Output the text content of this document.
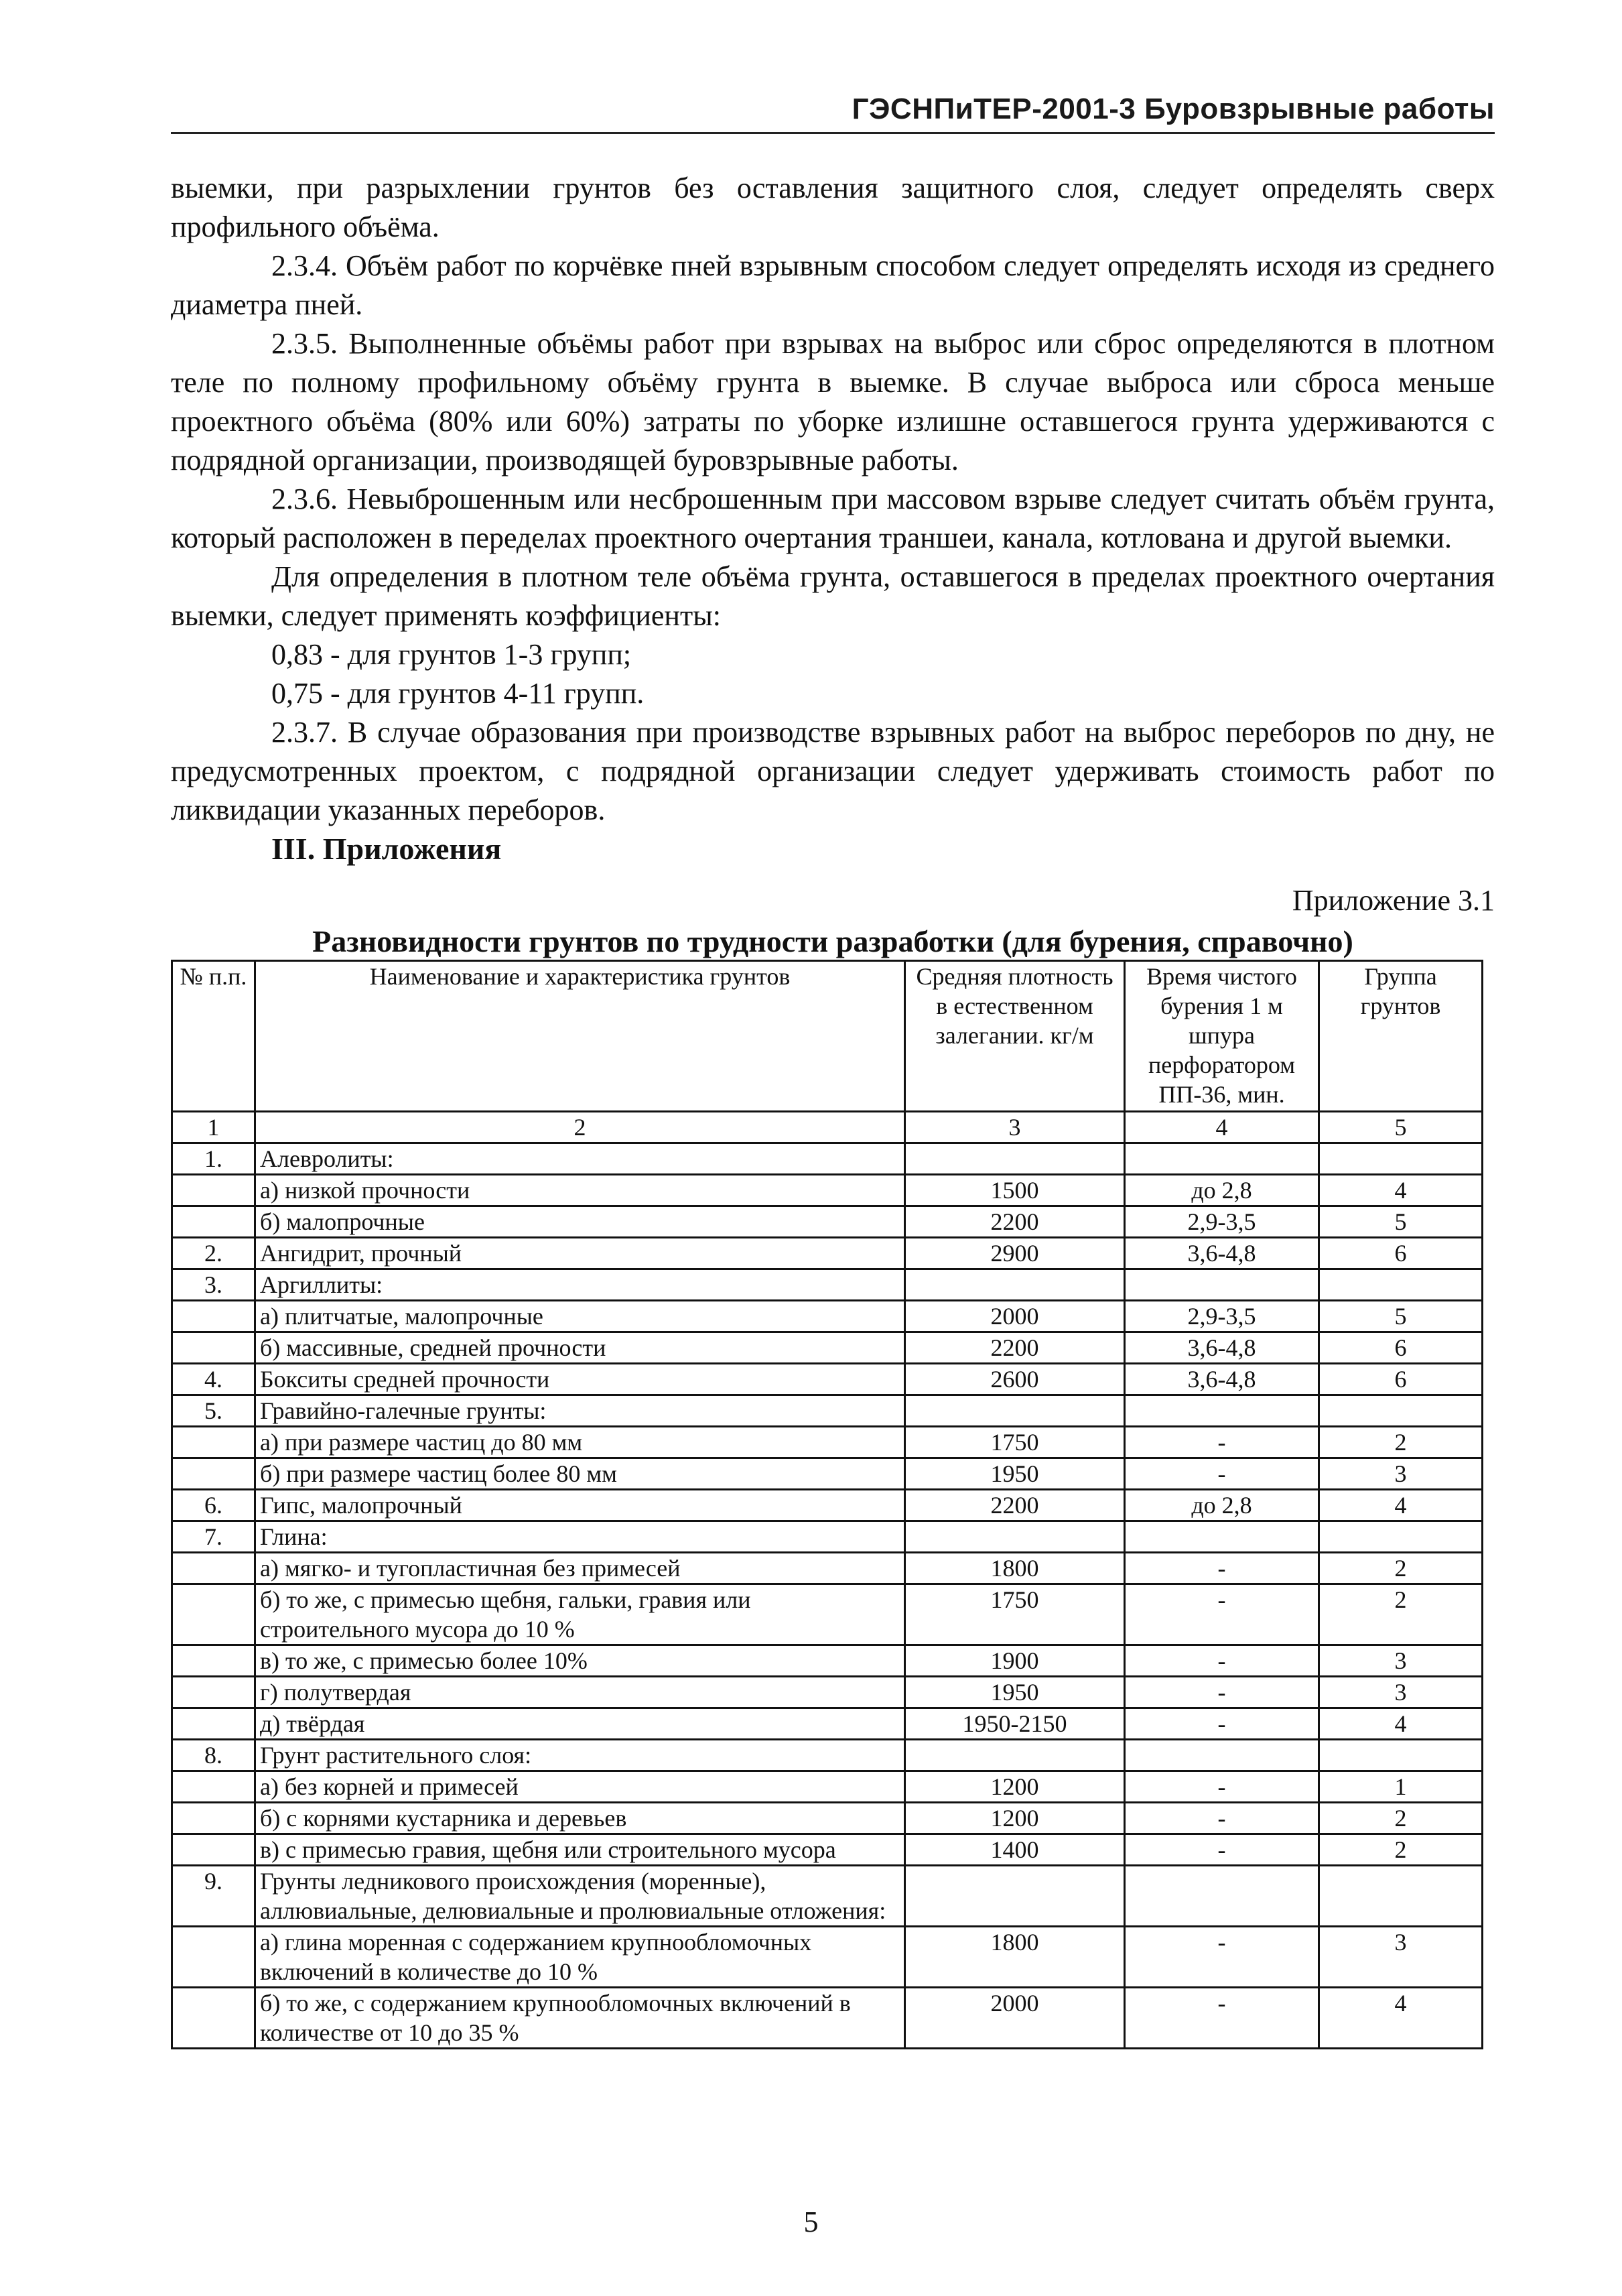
ГЭСНПиТЕР-2001-3 Буровзрывные работы

выемки, при разрыхлении грунтов без оставления защитного слоя, следует определять сверх профильного объёма.

2.3.4. Объём работ по корчёвке пней взрывным способом следует определять исходя из среднего диаметра пней.

2.3.5. Выполненные объёмы работ при взрывах на выброс или сброс определяются в плотном теле по полному профильному объёму грунта в выемке. В случае выброса или сброса меньше проектного объёма (80% или 60%) затраты по уборке излишне оставшегося грунта удерживаются с подрядной организации, производящей буровзрывные работы.

2.3.6. Невыброшенным или несброшенным при массовом взрыве следует считать объём грунта, который расположен в переделах проектного очертания траншеи, канала, котлована и другой выемки.

Для определения в плотном теле объёма грунта, оставшегося в пределах проектного очертания выемки, следует применять коэффициенты:

0,83 - для грунтов 1-3 групп;

0,75 - для грунтов 4-11 групп.

2.3.7. В случае образования при производстве взрывных работ на выброс переборов по дну, не предусмотренных проектом, с подрядной организации следует удерживать стоимость работ по ликвидации указанных переборов.

III. Приложения

Приложение 3.1
Разновидности грунтов по трудности разработки (для бурения, справочно)
№ п.п.	Наименование и характеристика грунтов	Средняя плотность в естественном залегании. кг/м	Время чистого бурения 1 м шпура перфоратором ПП-36, мин.	Группа грунтов
1	2	3	4	5
1.	Алевролиты:			
	а) низкой прочности	1500	до 2,8	4
	б) малопрочные	2200	2,9-3,5	5
2.	Ангидрит, прочный	2900	3,6-4,8	6
3.	Аргиллиты:			
	а) плитчатые, малопрочные	2000	2,9-3,5	5
	б) массивные, средней прочности	2200	3,6-4,8	6
4.	Бокситы средней прочности	2600	3,6-4,8	6
5.	Гравийно-галечные грунты:			
	а) при размере частиц до 80 мм	1750	-	2
	б) при размере частиц более 80 мм	1950	-	3
6.	Гипс, малопрочный	2200	до 2,8	4
7.	Глина:			
	а) мягко- и тугопластичная без примесей	1800	-	2
	б) то же, с примесью щебня, гальки, гравия или строительного мусора до 10 %	1750	-	2
	в) то же, с примесью более 10%	1900	-	3
	г) полутвердая	1950	-	3
	д) твёрдая	1950-2150	-	4
8.	Грунт растительного слоя:			
	а) без корней и примесей	1200	-	1
	б) с корнями кустарника и деревьев	1200	-	2
	в) с примесью гравия, щебня или строительного мусора	1400	-	2
9.	Грунты ледникового происхождения (моренные), аллювиальные, делювиальные и пролювиальные отложения:			
	а) глина моренная с содержанием крупнообломочных включений в количестве до 10 %	1800	-	3
	б) то же, с содержанием крупнообломочных включений в количестве от 10 до 35 %	2000	-	4
5
